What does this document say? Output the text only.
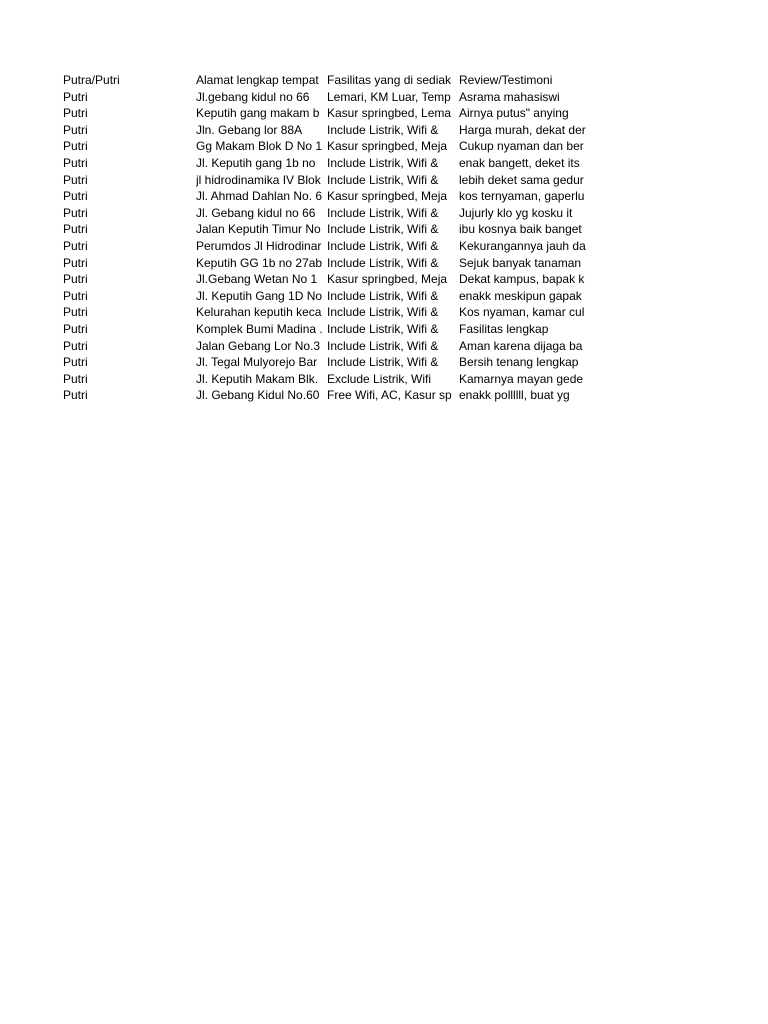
Putra/Putri	Alamat lengkap tempat	Fasilitas yang di sediak	Review/Testimoni
Putri	Jl.gebang kidul no 66	Lemari, KM Luar, Temp	Asrama mahasiswi
Putri	Keputih gang makam b	Kasur springbed, Lema	Airnya putus" anying
Putri	Jln. Gebang lor 88A	Include Listrik, Wifi &	Harga murah, dekat der
Putri	Gg Makam Blok D No 1	Kasur springbed, Meja	Cukup nyaman dan ber
Putri	Jl. Keputih gang 1b no	Include Listrik, Wifi &	enak bangett, deket its
Putri	jl hidrodinamika IV Blok	Include Listrik, Wifi &	lebih deket sama gedur
Putri	Jl. Ahmad Dahlan No. 6	Kasur springbed, Meja	kos ternyaman, gaperlu
Putri	Jl. Gebang kidul no 66	Include Listrik, Wifi &	Jujurly klo yg kosku it
Putri	Jalan Keputih Timur No	Include Listrik, Wifi &	ibu kosnya baik banget
Putri	Perumdos Jl Hidrodinar	Include Listrik, Wifi &	Kekurangannya jauh da
Putri	Keputih GG 1b no 27ab	Include Listrik, Wifi &	Sejuk banyak tanaman
Putri	Jl.Gebang Wetan No 1	Kasur springbed, Meja	Dekat kampus, bapak k
Putri	Jl. Keputih Gang 1D No	Include Listrik, Wifi &	enakk meskipun gapak
Putri	Kelurahan keputih keca	Include Listrik, Wifi &	Kos nyaman, kamar cul
Putri	Komplek Bumi Madina .	Include Listrik, Wifi &	Fasilitas lengkap
Putri	Jalan Gebang Lor No.3	Include Listrik, Wifi &	Aman karena dijaga ba
Putri	Jl. Tegal Mulyorejo Bar	Include Listrik, Wifi &	Bersih tenang lengkap
Putri	Jl. Keputih Makam Blk.	Exclude Listrik, Wifi	Kamarnya mayan gede
Putri	Jl. Gebang Kidul No.60	Free Wifi, AC, Kasur sp	enakk pollllll, buat yg
